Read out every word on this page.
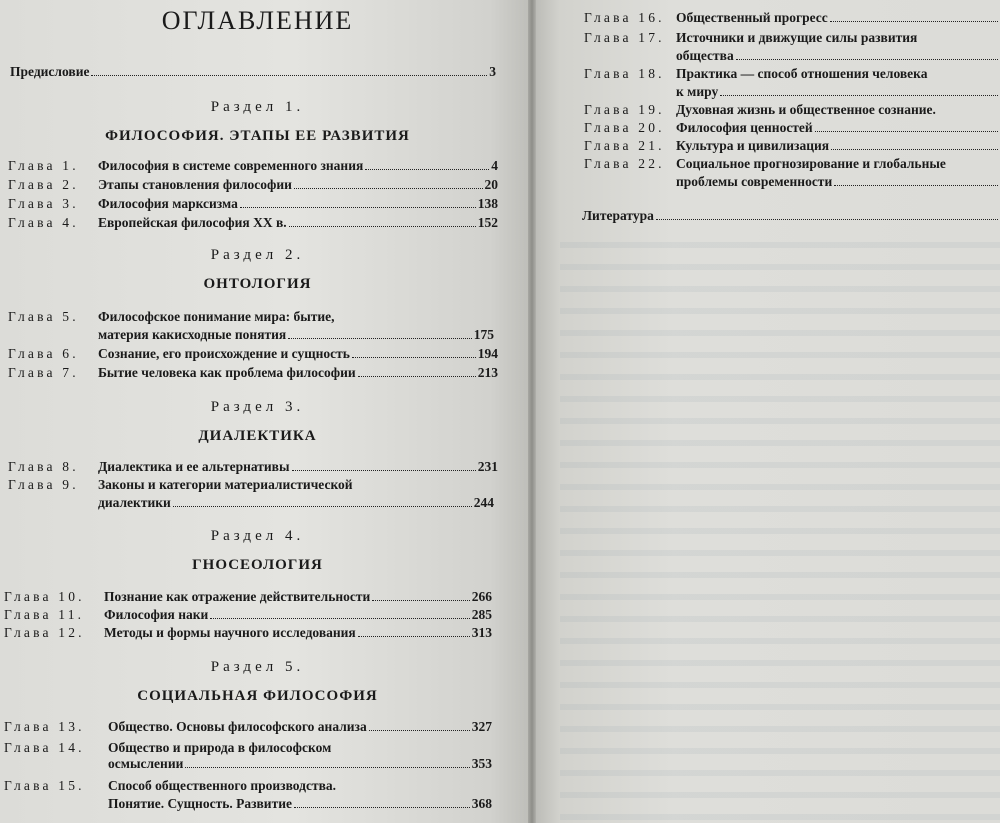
ОГЛАВЛЕНИЕ
Предисловие	3
Раздел 1.
ФИЛОСОФИЯ. ЭТАПЫ ЕЕ РАЗВИТИЯ
Глава 1.	Философия в системе современного знания	4
Глава 2.	Этапы становления философии	20
Глава 3.	Философия марксизма	138
Глава 4.	Европейская философия XX в.	152
Раздел 2.
ОНТОЛОГИЯ
Глава 5.	Философское понимание мира: бытие,
материя какисходные понятия	175
Глава 6.	Сознание, его происхождение и сущность	194
Глава 7.	Бытие человека как проблема философии	213
Раздел 3.
ДИАЛЕКТИКА
Глава 8.	Диалектика и ее альтернативы	231
Глава 9.	Законы и категории материалистической
диалектики	244
Раздел 4.
ГНОСЕОЛОГИЯ
Глава 10.	Познание как отражение действительности	266
Глава 11.	Философия наки	285
Глава 12.	Методы и формы научного исследования	313
Раздел 5.
СОЦИАЛЬНАЯ ФИЛОСОФИЯ
Глава 13.	Общество. Основы философского анализа	327
Глава 14.	Общество и природа в философском
осмыслении	353
Глава 15.	Способ общественного производства.
Понятие. Сущность. Развитие	368
Глава 16. Общественный прогресс
Глава 17. Источники и движущие силы развития
общества
Глава 18. Практика — способ отношения человека
к миру
Глава 19. Духовная жизнь и общественное сознание.
Глава 20. Философия ценностей
Глава 21. Культура и цивилизация
Глава 22. Социальное прогнозирование и глобальные
проблемы современности
Литература
